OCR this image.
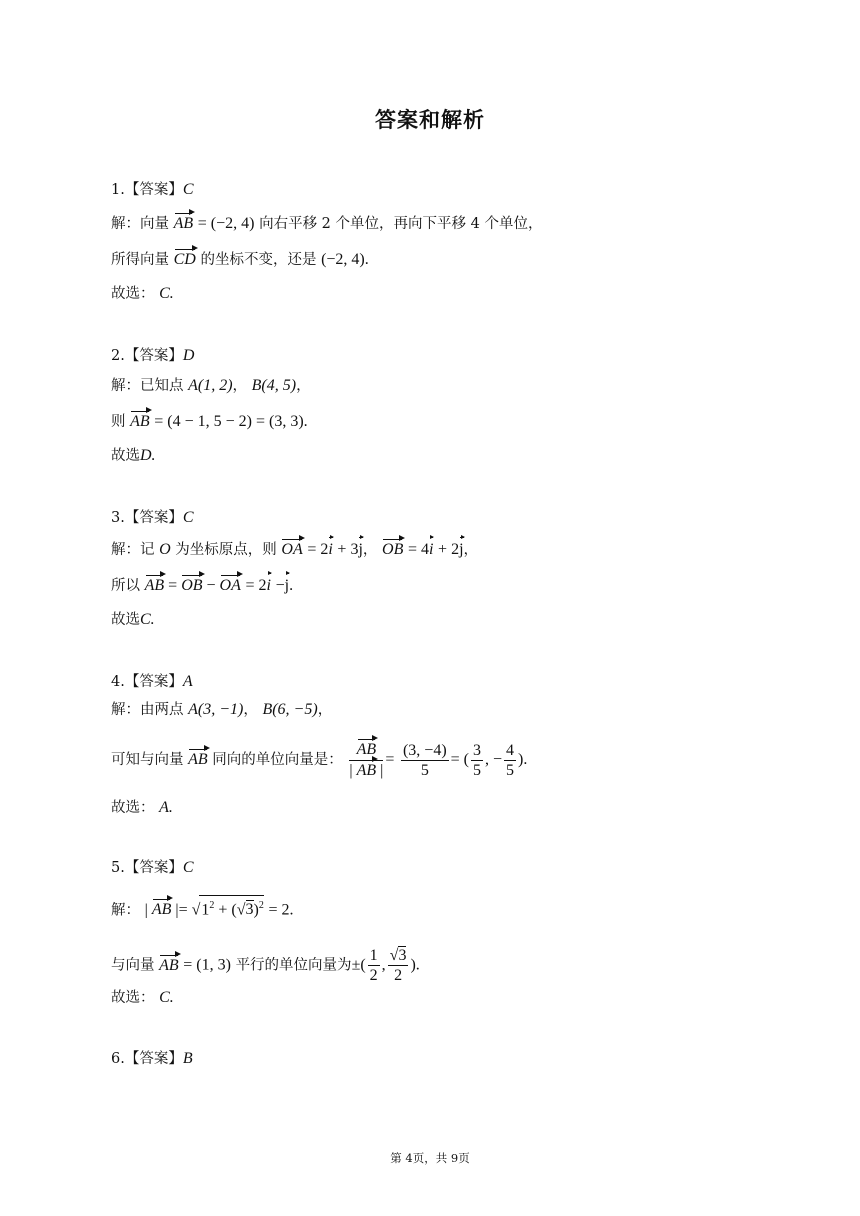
答案和解析
1.【答案】C
解：向量 AB = (−2, 4) 向右平移 2 个单位，再向下平移 4 个单位，
所得向量 CD 的坐标不变，还是 (−2, 4).
故选： C.
2.【答案】D
解：已知点 A(1, 2)， B(4, 5)，
则 AB = (4 − 1, 5 − 2) = (3, 3).
故选D.
3.【答案】C
解：记 O 为坐标原点，则 OA = 2i + 3j， OB = 4i + 2j，
所以 AB = OB − OA = 2i −j.
故选C.
4.【答案】A
解：由两点 A(3, −1)， B(6, −5)，
可知与向量 AB 同向的单位向量是： $\frac{AB}{| AB |} = \frac{(3, -4)}{5}$ = ( $\frac{3}{5}$ , − $\frac{4}{5}$ ).
故选： A.
5.【答案】C
解： | AB |= $√1^2 + (√3)^2 = 2$.
与向量 AB = (1, 3) 平行的单位向量为±( $\frac{1}{2}$ , $\frac{√3}{2}$ ).
故选： C.
6.【答案】B
第 4页，共 9页
